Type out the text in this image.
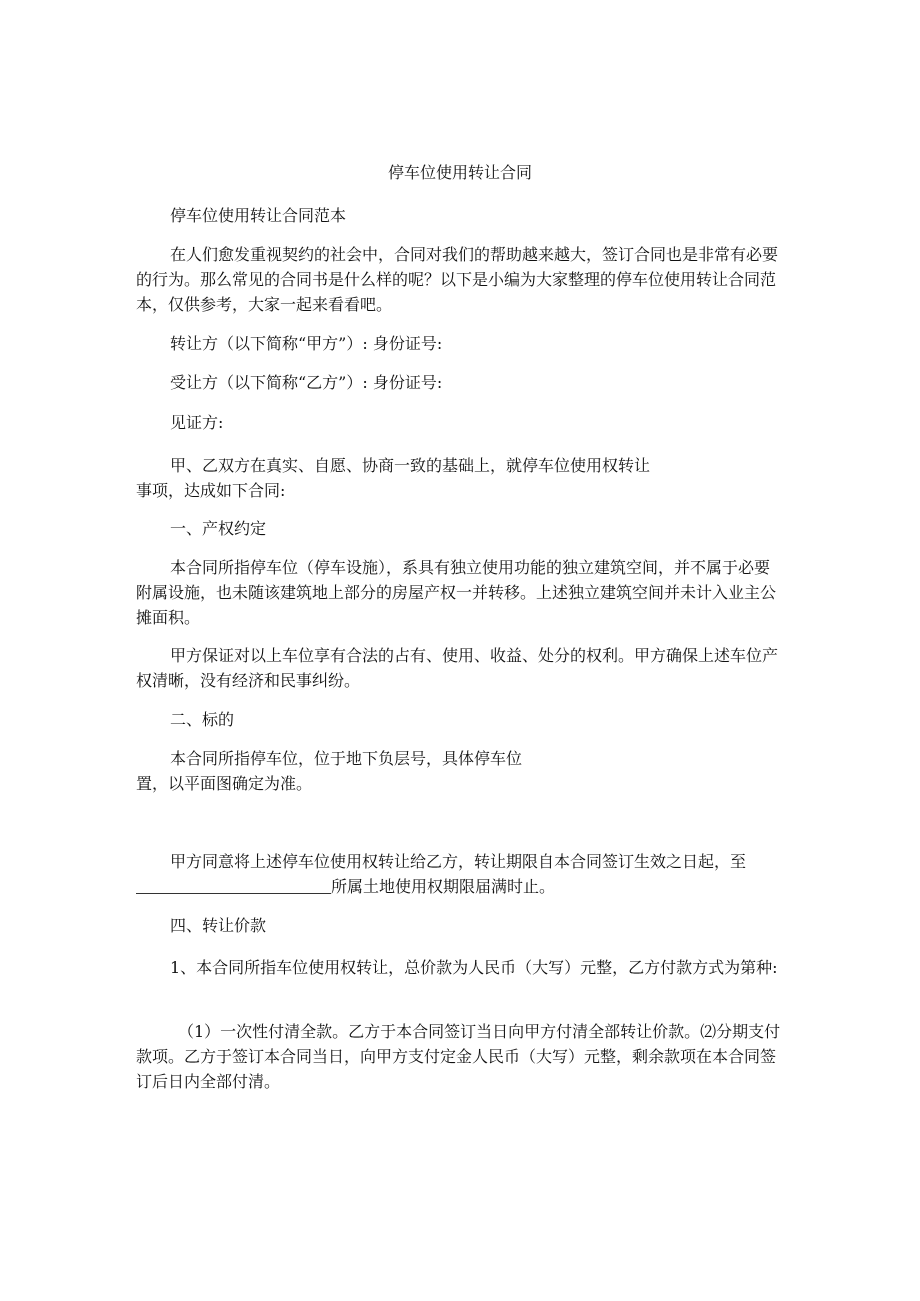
停车位使用转让合同
停车位使用转让合同范本
在人们愈发重视契约的社会中，合同对我们的帮助越来越大，签订合同也是非常有必要的行为。那么常见的合同书是什么样的呢？以下是小编为大家整理的停车位使用转让合同范本，仅供参考，大家一起来看看吧。
转让方（以下简称“甲方”）: 身份证号:
受让方（以下简称“乙方”）: 身份证号:
见证方:
甲、乙双方在真实、自愿、协商一致的基础上，就停车位使用权转让
事项，达成如下合同:
一、产权约定
本合同所指停车位（停车设施），系具有独立使用功能的独立建筑空间，并不属于必要附属设施，也未随该建筑地上部分的房屋产权一并转移。上述独立建筑空间并未计入业主公摊面积。
甲方保证对以上车位享有合法的占有、使用、收益、处分的权利。甲方确保上述车位产权清晰，没有经济和民事纠纷。
二、标的
本合同所指停车位，位于地下负层号，具体停车位
置，以平面图确定为准。
甲方同意将上述停车位使用权转让给乙方，转让期限自本合同签订生效之日起，至
所属土地使用权期限届满时止。
四、转让价款
1、本合同所指车位使用权转让，总价款为人民币（大写）元整，乙方付款方式为第种:
（1）一次性付清全款。乙方于本合同签订当日向甲方付清全部转让价款。⑵分期支付款项。乙方于签订本合同当日，向甲方支付定金人民币（大写）元整，剩余款项在本合同签订后日内全部付清。
